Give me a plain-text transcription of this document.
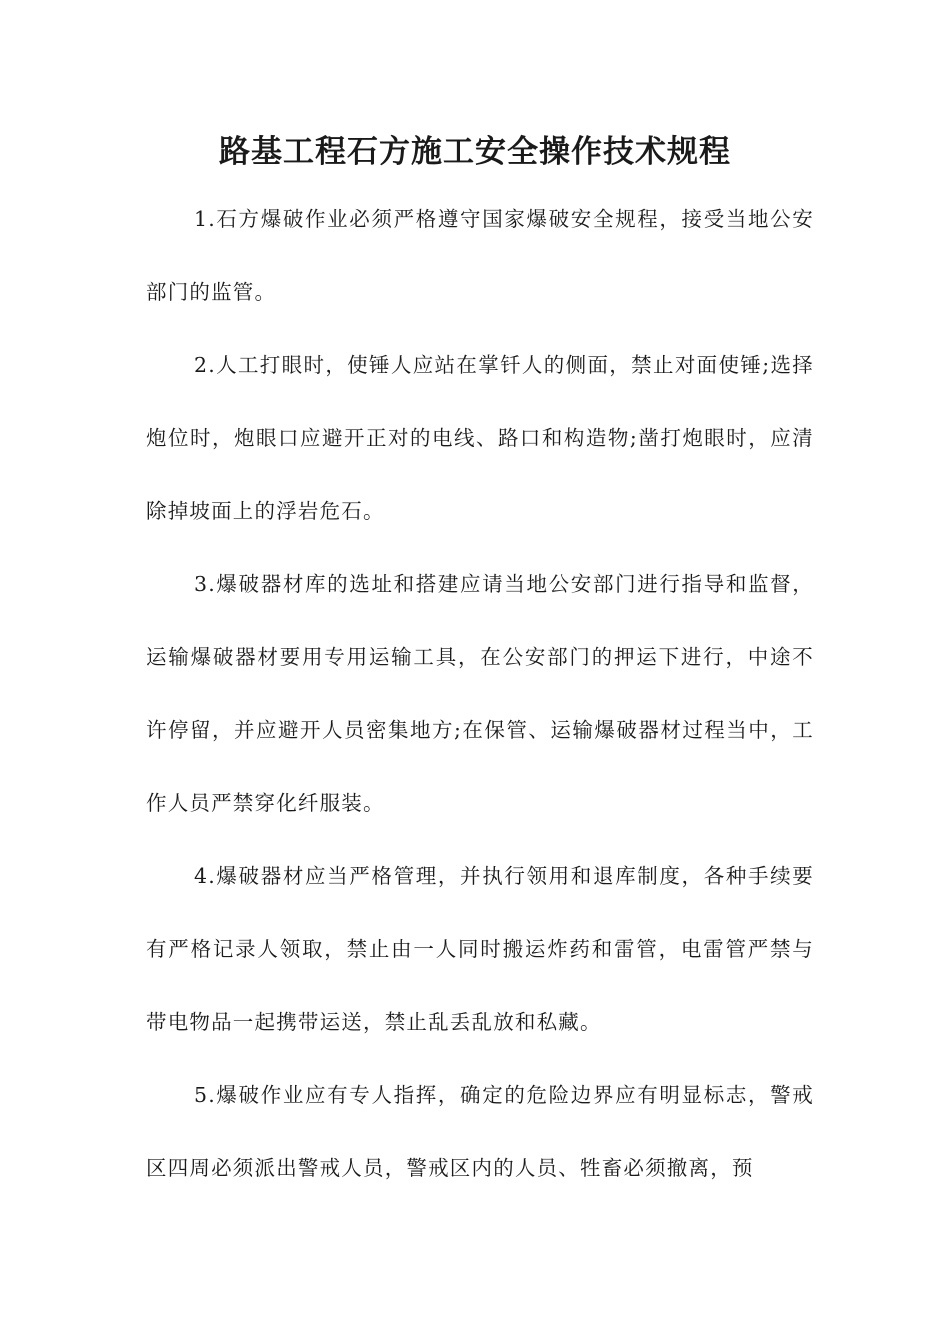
路基工程石方施工安全操作技术规程

1.石方爆破作业必须严格遵守国家爆破安全规程，接受当地公安部门的监管。

2.人工打眼时，使锤人应站在掌钎人的侧面，禁止对面使锤;选择炮位时，炮眼口应避开正对的电线、路口和构造物;凿打炮眼时，应清除掉坡面上的浮岩危石。

3.爆破器材库的选址和搭建应请当地公安部门进行指导和监督，运输爆破器材要用专用运输工具，在公安部门的押运下进行，中途不许停留，并应避开人员密集地方;在保管、运输爆破器材过程当中，工作人员严禁穿化纤服装。

4.爆破器材应当严格管理，并执行领用和退库制度，各种手续要有严格记录人领取，禁止由一人同时搬运炸药和雷管，电雷管严禁与带电物品一起携带运送，禁止乱丢乱放和私藏。

5.爆破作业应有专人指挥，确定的危险边界应有明显标志，警戒区四周必须派出警戒人员，警戒区内的人员、牲畜必须撤离，预
